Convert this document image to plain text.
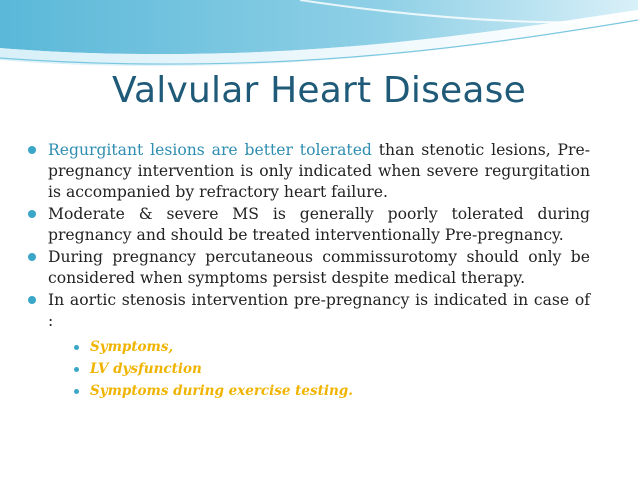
Valvular Heart Disease
Regurgitant lesions are better tolerated than stenotic lesions, Pre-pregnancy intervention is only indicated when severe regurgitation is accompanied by refractory heart failure.
Moderate & severe MS is generally poorly tolerated during pregnancy and should be treated interventionally Pre-pregnancy.
During pregnancy percutaneous commissurotomy should only be considered when symptoms persist despite medical therapy.
In aortic stenosis intervention pre-pregnancy is indicated in case of :
Symptoms,
LV dysfunction
Symptoms during exercise testing.
